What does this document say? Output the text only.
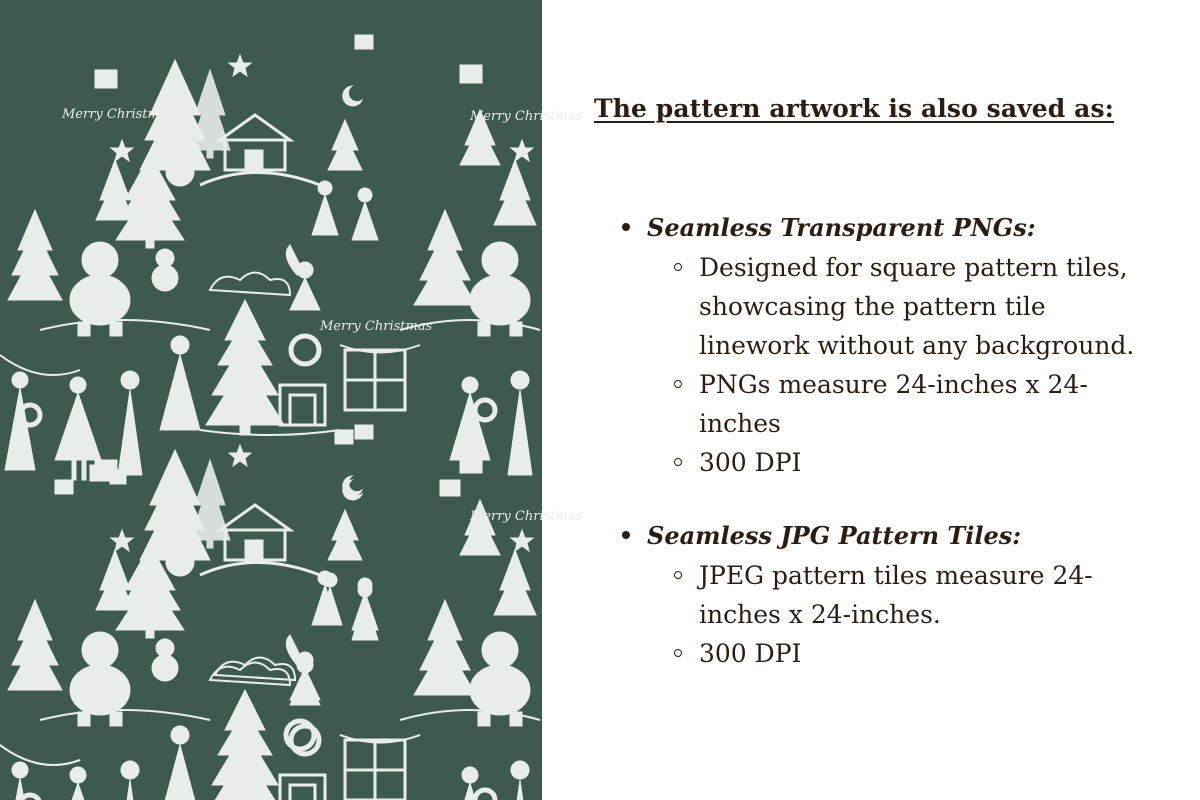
Merry Christmas	Merry Christmas
Merry Christmas
Merry Christmas
The pattern artwork is also saved as:
Seamless Transparent PNGs:
Designed for square pattern tiles, showcasing the pattern tile linework without any background.
PNGs measure 24-inches x 24-inches
300 DPI
Seamless JPG Pattern Tiles:
JPEG pattern tiles measure 24-inches x 24-inches.
300 DPI
